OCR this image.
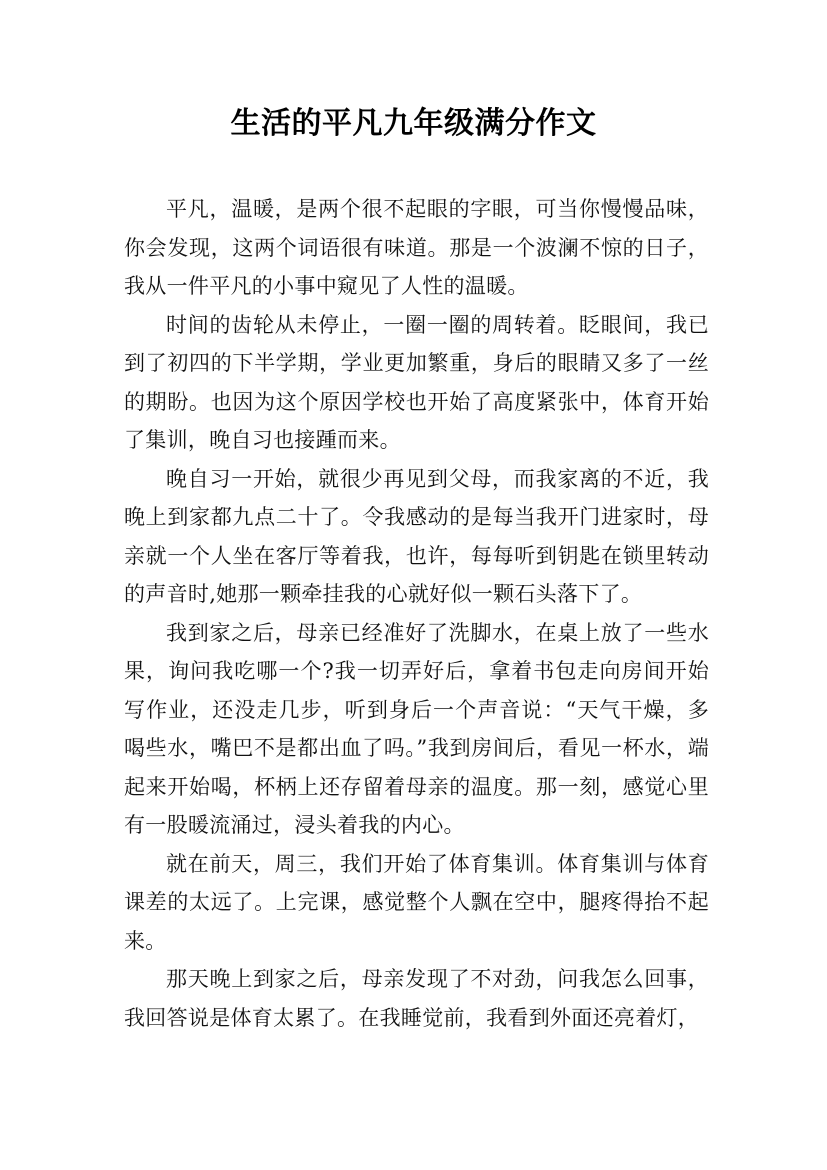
生活的平凡九年级满分作文

平凡，温暖，是两个很不起眼的字眼，可当你慢慢品味，你会发现，这两个词语很有味道。那是一个波澜不惊的日子，我从一件平凡的小事中窥见了人性的温暖。

时间的齿轮从未停止，一圈一圈的周转着。眨眼间，我已到了初四的下半学期，学业更加繁重，身后的眼睛又多了一丝的期盼。也因为这个原因学校也开始了高度紧张中，体育开始了集训，晚自习也接踵而来。

晚自习一开始，就很少再见到父母，而我家离的不近，我晚上到家都九点二十了。令我感动的是每当我开门进家时，母亲就一个人坐在客厅等着我，也许，每每听到钥匙在锁里转动的声音时,她那一颗牵挂我的心就好似一颗石头落下了。

我到家之后，母亲已经准好了洗脚水，在桌上放了一些水果，询问我吃哪一个?我一切弄好后，拿着书包走向房间开始写作业，还没走几步，听到身后一个声音说：“天气干燥，多喝些水，嘴巴不是都出血了吗。”我到房间后，看见一杯水，端起来开始喝，杯柄上还存留着母亲的温度。那一刻，感觉心里有一股暖流涌过，浸头着我的内心。

就在前天，周三，我们开始了体育集训。体育集训与体育课差的太远了。上完课，感觉整个人飘在空中，腿疼得抬不起来。

那天晚上到家之后，母亲发现了不对劲，问我怎么回事，我回答说是体育太累了。在我睡觉前，我看到外面还亮着灯，
